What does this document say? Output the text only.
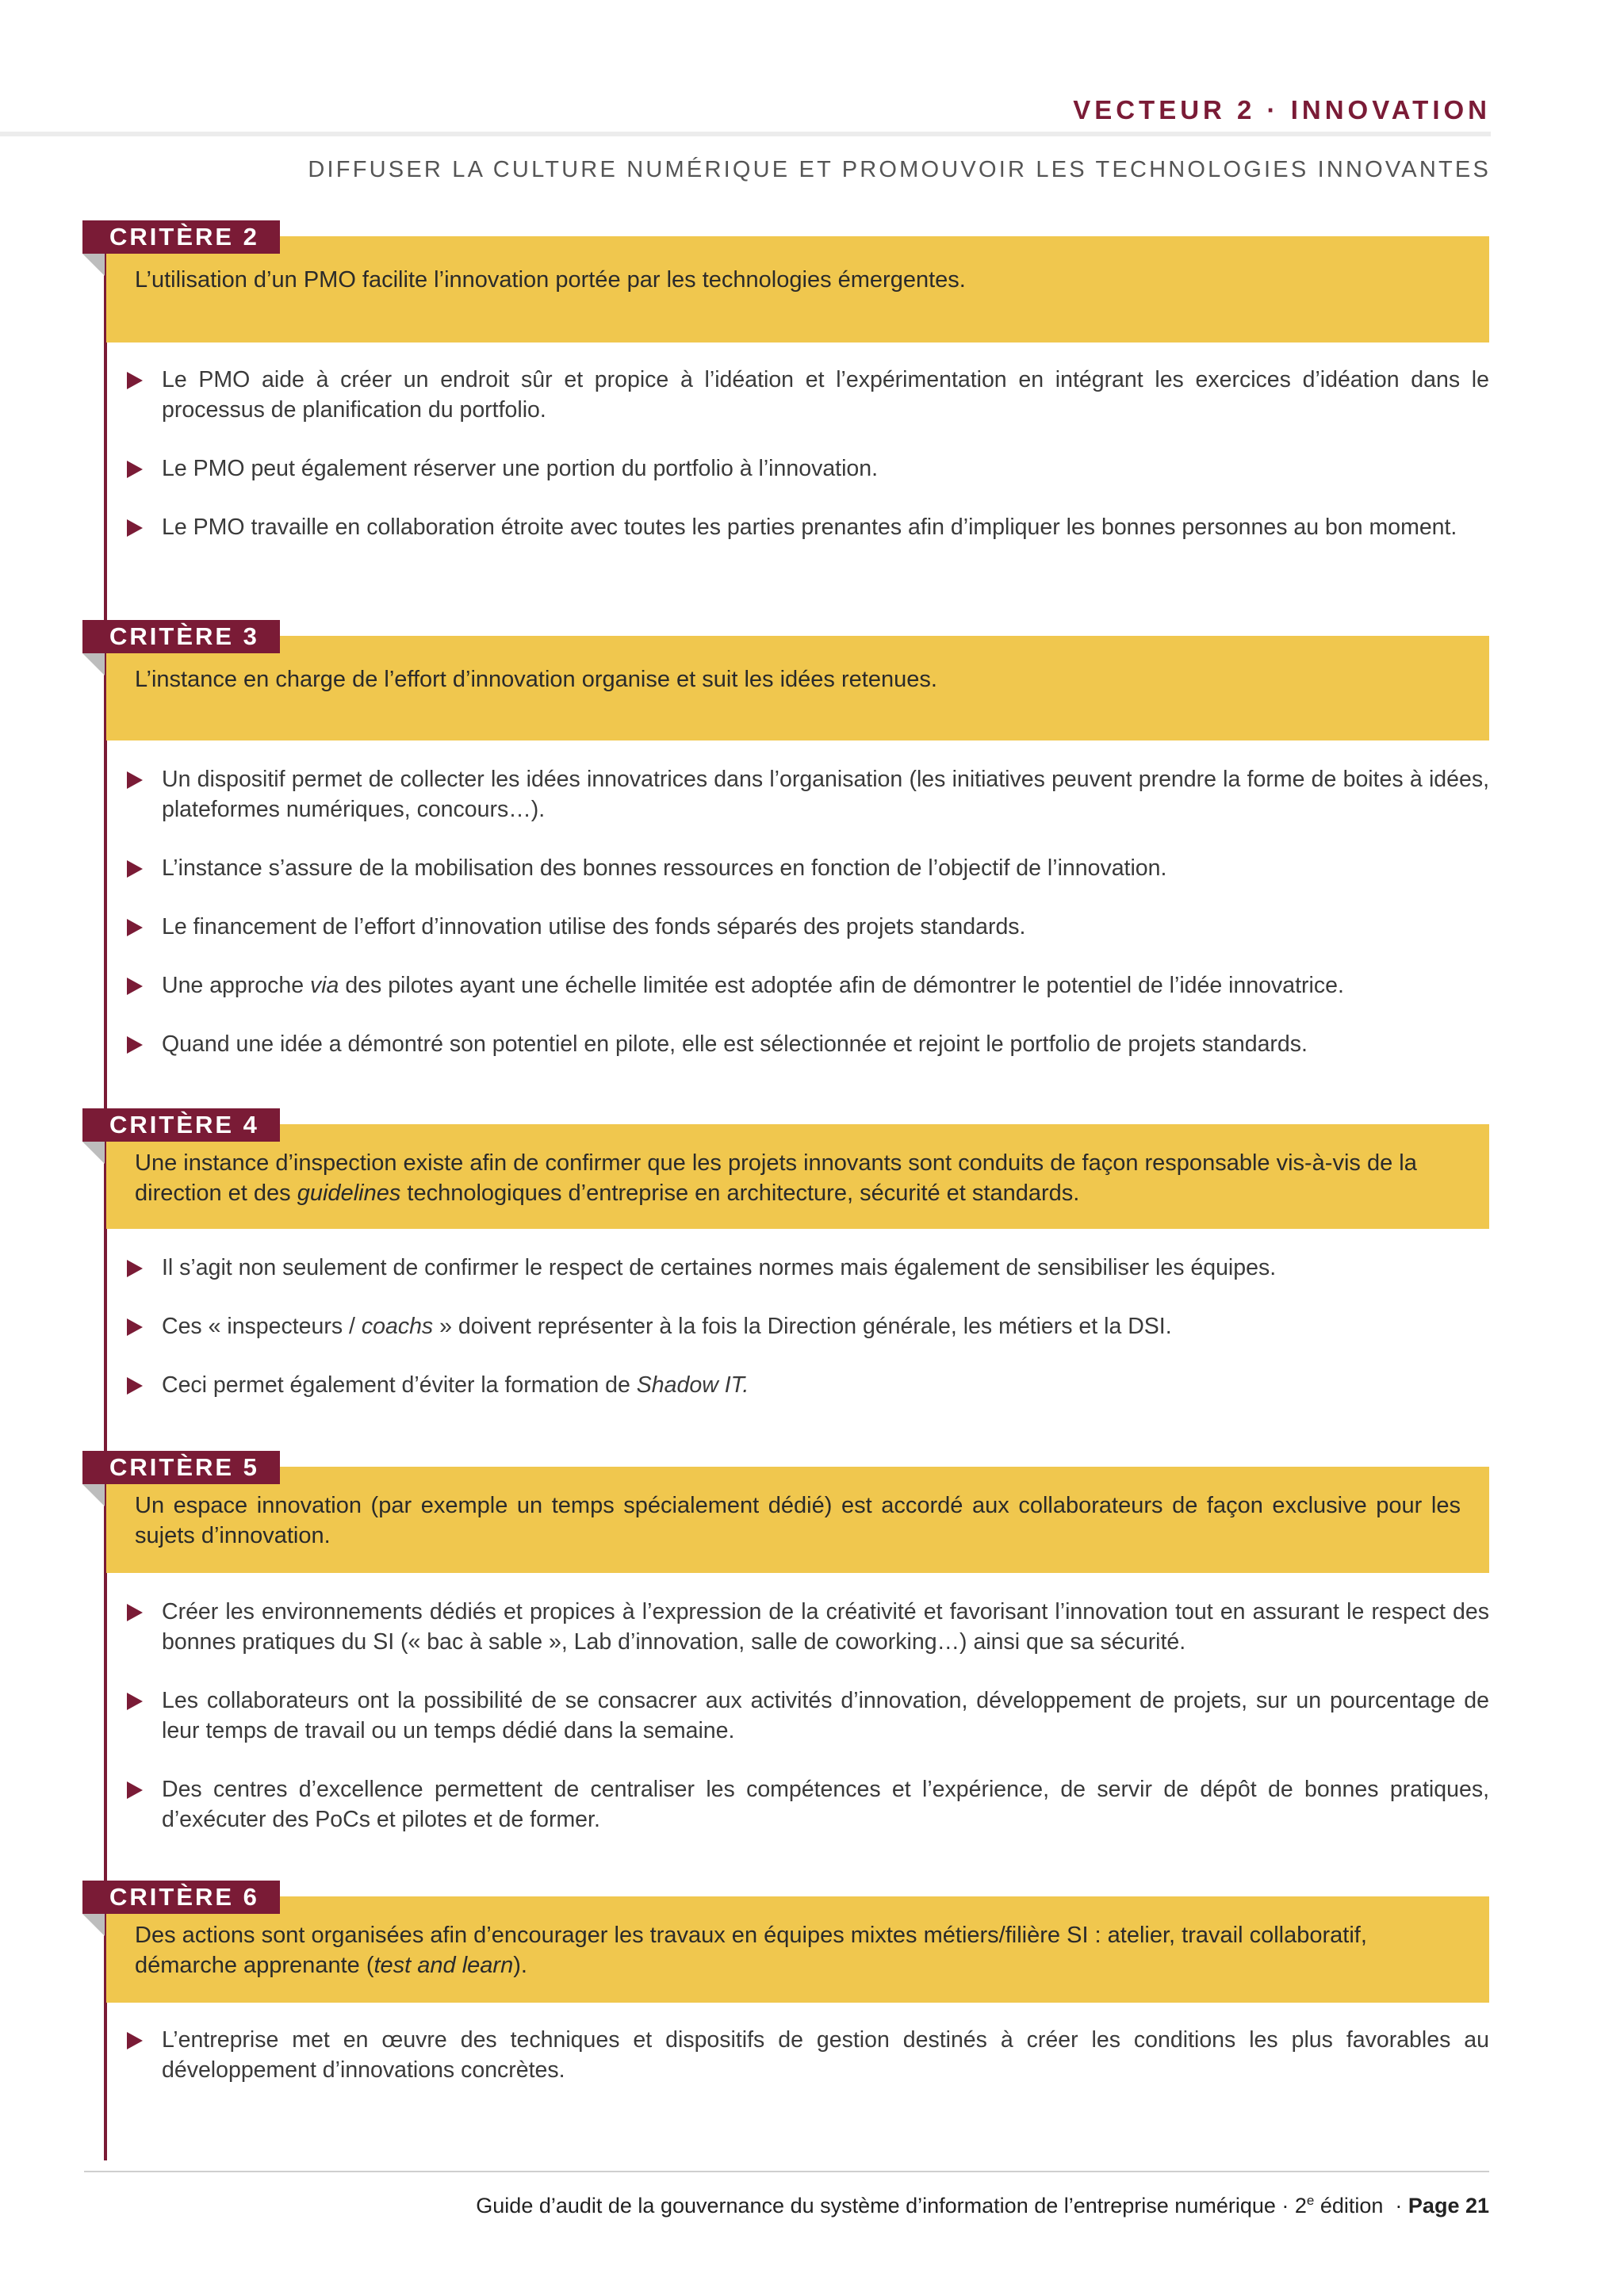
VECTEUR 2 · INNOVATION
DIFFUSER LA CULTURE NUMÉRIQUE ET PROMOUVOIR LES TECHNOLOGIES INNOVANTES
CRITÈRE 2
L’utilisation d’un PMO facilite l’innovation portée par les technologies émergentes.
Le PMO aide à créer un endroit sûr et propice à l’idéation et l’expérimentation en intégrant les exercices d’idéation dans le processus de planification du portfolio.
Le PMO peut également réserver une portion du portfolio à l’innovation.
Le PMO travaille en collaboration étroite avec toutes les parties prenantes afin d’impliquer les bonnes personnes au bon moment.
CRITÈRE 3
L’instance en charge de l’effort d’innovation organise et suit les idées retenues.
Un dispositif permet de collecter les idées innovatrices dans l’organisation (les initiatives peuvent prendre la forme de boites à idées, plateformes numériques, concours…).
L’instance s’assure de la mobilisation des bonnes ressources en fonction de l’objectif de l’innovation.
Le financement de l’effort d’innovation utilise des fonds séparés des projets standards.
Une approche via des pilotes ayant une échelle limitée est adoptée afin de démontrer le potentiel de l’idée innovatrice.
Quand une idée a démontré son potentiel en pilote, elle est sélectionnée et rejoint le portfolio de projets standards.
CRITÈRE 4
Une instance d’inspection existe afin de confirmer que les projets innovants sont conduits de façon responsable vis-à-vis de la direction et des guidelines technologiques d’entreprise en architecture, sécurité et standards.
Il s’agit non seulement de confirmer le respect de certaines normes mais également de sensibiliser les équipes.
Ces « inspecteurs / coachs » doivent représenter à la fois la Direction générale, les métiers et la DSI.
Ceci permet également d’éviter la formation de Shadow IT.
CRITÈRE 5
Un espace innovation (par exemple un temps spécialement dédié) est accordé aux collaborateurs de façon exclusive pour les sujets d’innovation.
Créer les environnements dédiés et propices à l’expression de la créativité et favorisant l’innovation tout en assurant le respect des bonnes pratiques du SI (« bac à sable », Lab d’innovation, salle de coworking…) ainsi que sa sécurité.
Les collaborateurs ont la possibilité de se consacrer aux activités d’innovation, développement de projets, sur un pourcentage de leur temps de travail ou un temps dédié dans la semaine.
Des centres d’excellence permettent de centraliser les compétences et l’expérience, de servir de dépôt de bonnes pratiques, d’exécuter des PoCs et pilotes et de former.
CRITÈRE 6
Des actions sont organisées afin d’encourager les travaux en équipes mixtes métiers/filière SI : atelier, travail collaboratif, démarche apprenante (test and learn).
L’entreprise met en œuvre des techniques et dispositifs de gestion destinés à créer les conditions les plus favorables au développement d’innovations concrètes.
Guide d’audit de la gouvernance du système d’information de l’entreprise numérique · $2^e$ édition  · Page 21
